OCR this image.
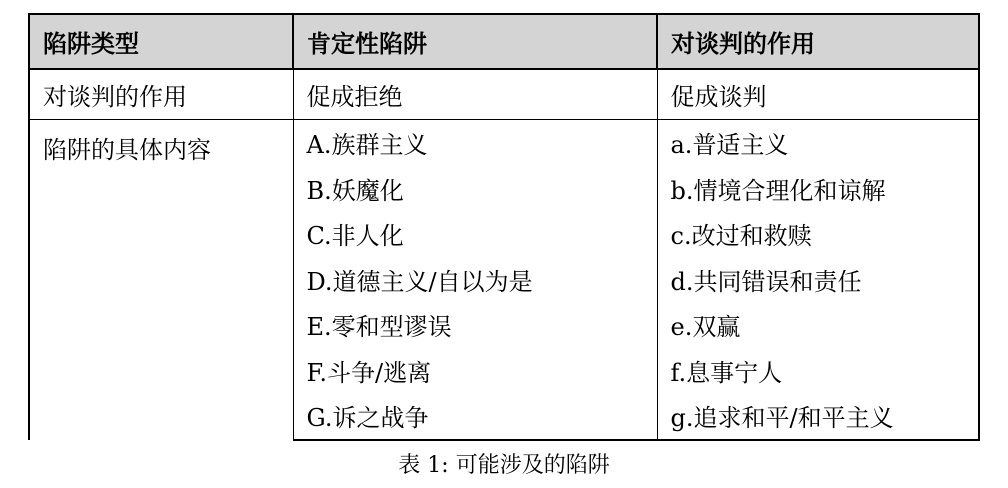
陷阱类型	肯定性陷阱	对谈判的作用
对谈判的作用	促成拒绝	促成谈判
陷阱的具体内容	A.族群主义	a.普适主义
	B.妖魔化	b.情境合理化和谅解
	C.非人化	c.改过和救赎
	D.道德主义/自以为是	d.共同错误和责任
	E.零和型谬误	e.双赢
	F.斗争/逃离	f.息事宁人
	G.诉之战争	g.追求和平/和平主义
表 1: 可能涉及的陷阱
